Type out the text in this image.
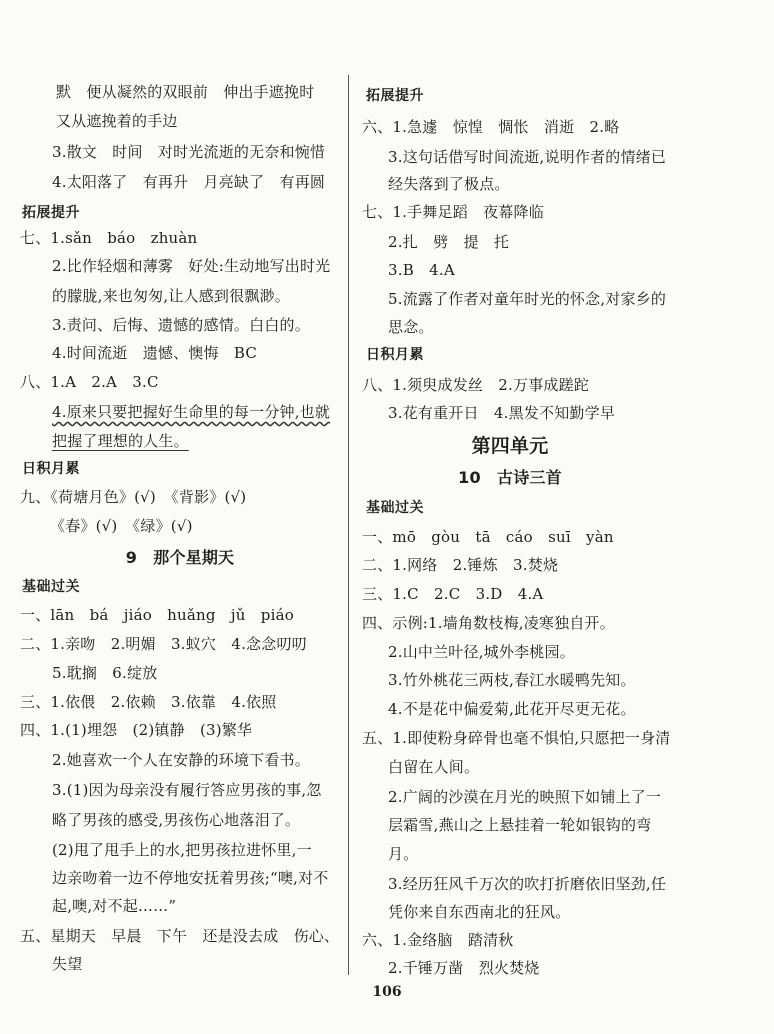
默　便从凝然的双眼前　伸出手遮挽时
又从遮挽着的手边
3.散文　时间　对时光流逝的无奈和惋惜
4.太阳落了　有再升　月亮缺了　有再圆
拓展提升
七、1.sǎn　báo　zhuàn
2.比作轻烟和薄雾　好处:生动地写出时光
的朦胧,来也匆匆,让人感到很飘渺。
3.责问、后悔、遗憾的感情。白白的。
4.时间流逝　遗憾、懊悔　BC
八、1.A　2.A　3.C
4.原来只要把握好生命里的每一分钟,也就
把握了理想的人生。
日积月累
九、《荷塘月色》(√)　《背影》(√)
《春》(√)　《绿》(√)
9　那个星期天
基础过关
一、lān　bá　jiáo　huǎng　jǔ　piáo
二、1.亲吻　2.明媚　3.蚁穴　4.念念叨叨
5.耽搁　6.绽放
三、1.依偎　2.依赖　3.依靠　4.依照
四、1.(1)埋怨　(2)镇静　(3)繁华
2.她喜欢一个人在安静的环境下看书。
3.(1)因为母亲没有履行答应男孩的事,忽
略了男孩的感受,男孩伤心地落泪了。
(2)甩了甩手上的水,把男孩拉进怀里,一
边亲吻着一边不停地安抚着男孩;“噢,对不
起,噢,对不起……”
五、星期天　早晨　下午　还是没去成　伤心、
失望
拓展提升
六、1.急遽　惊惶　惆怅　消逝　2.略
3.这句话借写时间流逝,说明作者的情绪已
经失落到了极点。
七、1.手舞足蹈　夜幕降临
2.扎　劈　提　托
3.B　4.A
5.流露了作者对童年时光的怀念,对家乡的
思念。
日积月累
八、1.须臾成发丝　2.万事成蹉跎
3.花有重开日　4.黑发不知勤学早
第四单元
10　古诗三首
基础过关
一、mō　gòu　tā　cáo　suī　yàn
二、1.网络　2.锤炼　3.焚烧
三、1.C　2.C　3.D　4.A
四、示例:1.墙角数枝梅,凌寒独自开。
2.山中兰叶径,城外李桃园。
3.竹外桃花三两枝,春江水暖鸭先知。
4.不是花中偏爱菊,此花开尽更无花。
五、1.即使粉身碎骨也毫不惧怕,只愿把一身清
白留在人间。
2.广阔的沙漠在月光的映照下如铺上了一
层霜雪,燕山之上悬挂着一轮如银钩的弯
月。
3.经历狂风千万次的吹打折磨依旧坚劲,任
凭你来自东西南北的狂风。
六、1.金络脑　踏清秋
2.千锤万凿　烈火焚烧
106
